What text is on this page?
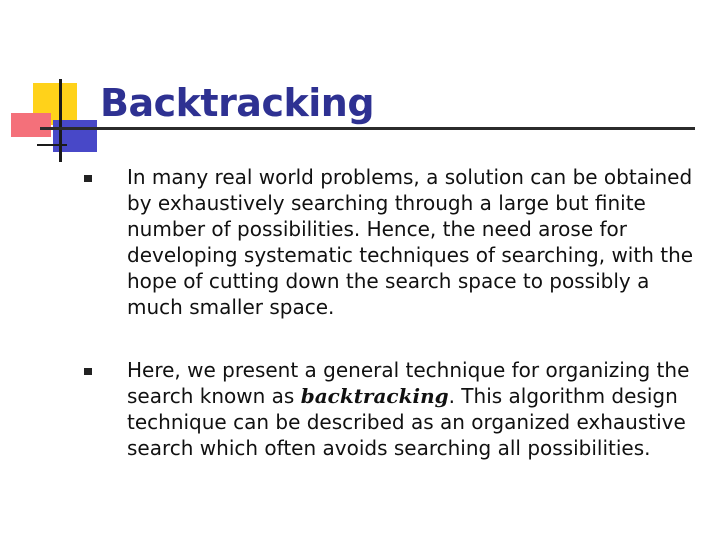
Backtracking

In many real world problems, a solution can be obtained by exhaustively searching through a large but finite number of possibilities. Hence, the need arose for developing systematic techniques of searching, with the hope of cutting down the search space to possibly a much smaller space.

Here, we present a general technique for organizing the search known as backtracking. This algorithm design technique can be described as an organized exhaustive search which often avoids searching all possibilities.
